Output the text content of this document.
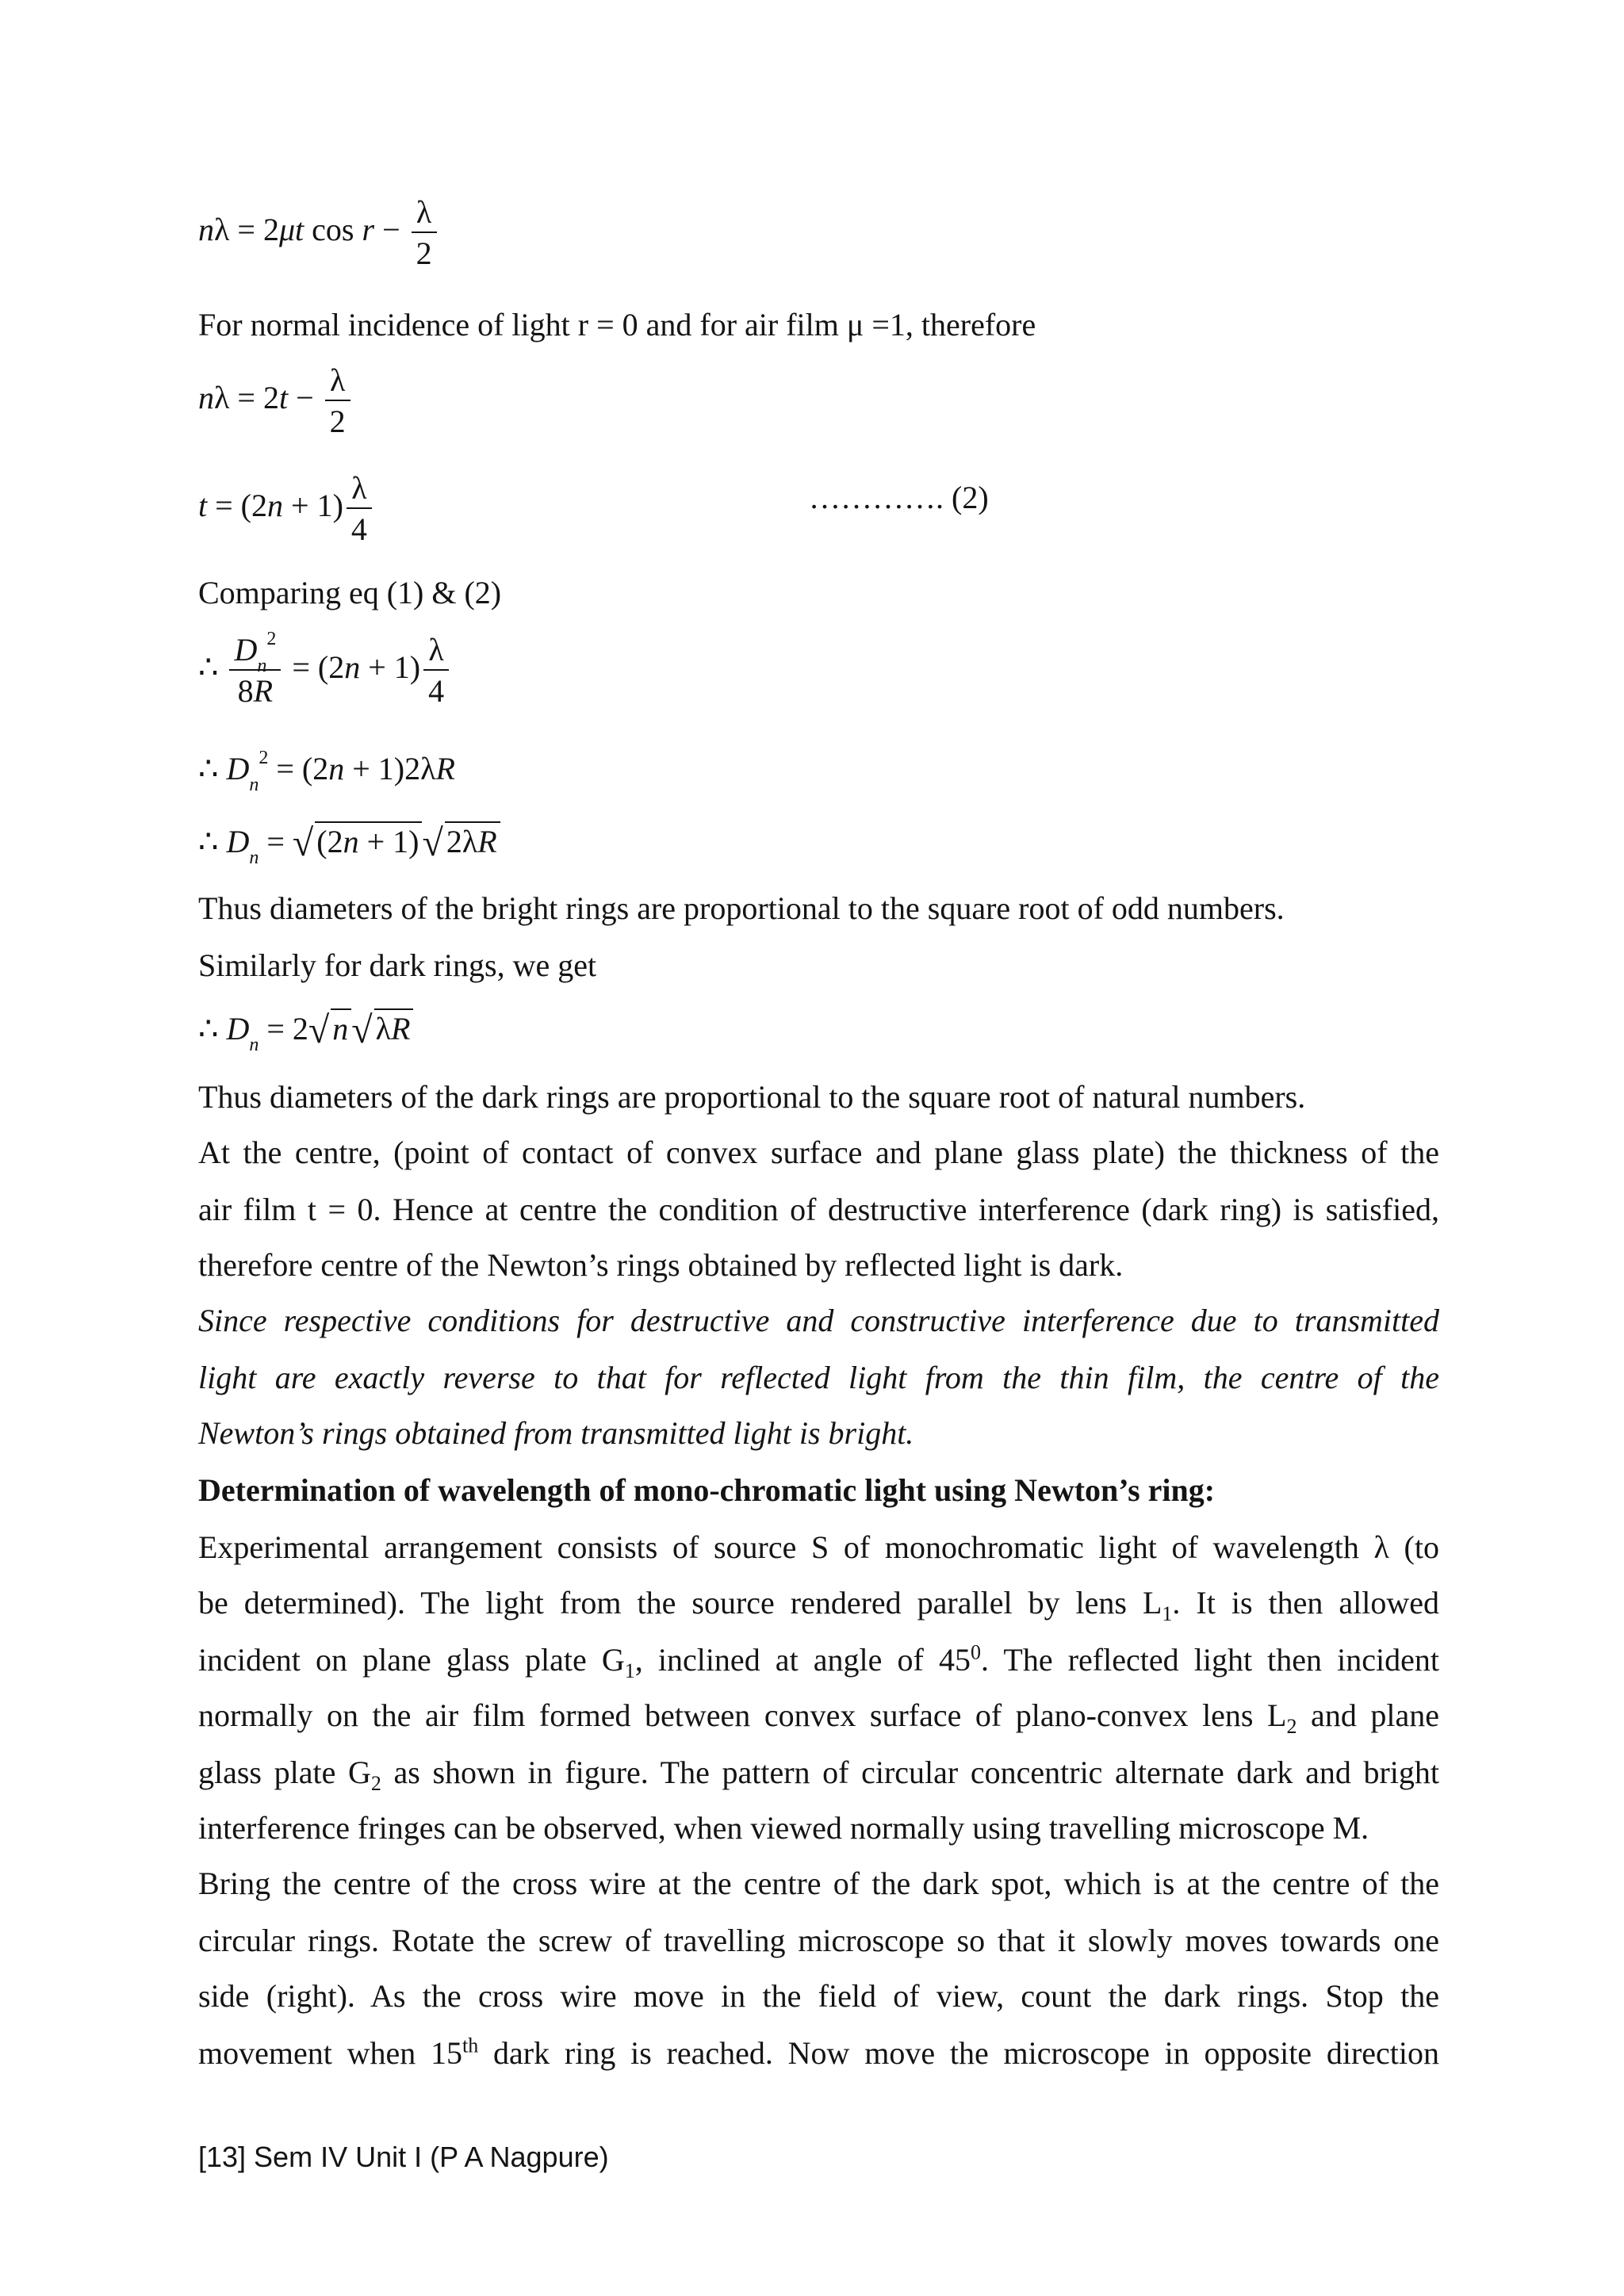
nλ = 2μt $\cos r - \frac{\lambda}{2}$
For normal incidence of light r = 0 and for air film μ =1, therefore
$n\lambda = 2t - \frac{\lambda}{2}$
$t = (2n + 1) \frac{\lambda}{4}$	…………. (2)
Comparing eq (1) & (2)
∴ $\frac{D_n^2}{8R} = (2n + 1) \frac{\lambda}{4}$
∴ $D_n^2 = (2n + 1)2\lambda R$
∴ $D_n$ = √ (2n + 1)√ 2λR
Thus diameters of the bright rings are proportional to the square root of odd numbers.
Similarly for dark rings, we get
∴ $D_n = 2√$ n√ λR
Thus diameters of the dark rings are proportional to the square root of natural numbers.
At the centre, (point of contact of convex surface and plane glass plate) the thickness of the
air film t = 0. Hence at centre the condition of destructive interference (dark ring) is satisfied,
therefore centre of the Newton’s rings obtained by reflected light is dark.
Since respective conditions for destructive and constructive interference due to transmitted
light are exactly reverse to that for reflected light from the thin film, the centre of the
Newton’s rings obtained from transmitted light is bright.
Determination of wavelength of mono-chromatic light using Newton’s ring:
Experimental arrangement consists of source S of monochromatic light of wavelength λ (to
be determined). The light from the source rendered parallel by lens $L_1$. It is then allowed
incident on plane glass plate $G_1$, inclined at angle of $45^0$. The reflected light then incident
normally on the air film formed between convex surface of plano-convex lens $L_2$ and plane
glass plate $G_2$ as shown in figure. The pattern of circular concentric alternate dark and bright
interference fringes can be observed, when viewed normally using travelling microscope M.
Bring the centre of the cross wire at the centre of the dark spot, which is at the centre of the
circular rings. Rotate the screw of travelling microscope so that it slowly moves towards one
side (right). As the cross wire move in the field of view, count the dark rings. Stop the
movement when 15th dark ring is reached. Now move the microscope in opposite direction
[13] Sem IV Unit I (P A Nagpure)
